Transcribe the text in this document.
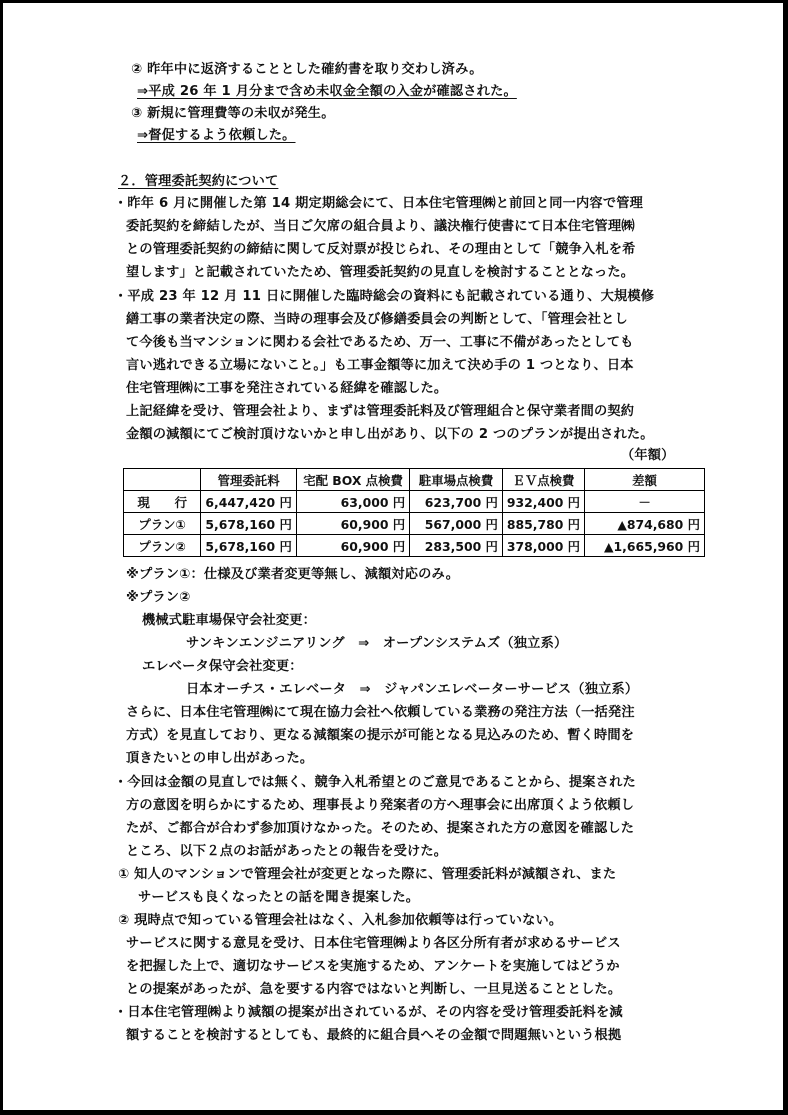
② 昨年中に返済することとした確約書を取り交わし済み。
⇒平成 26 年 1 月分まで含め未収金全額の入金が確認された。
③ 新規に管理費等の未収が発生。
⇒督促するよう依頼した。
２．管理委託契約について
・昨年 6 月に開催した第 14 期定期総会にて、日本住宅管理㈱と前回と同一内容で管理
委託契約を締結したが、当日ご欠席の組合員より、議決権行使書にて日本住宅管理㈱
との管理委託契約の締結に関して反対票が投じられ、その理由として「競争入札を希
望します」と記載されていたため、管理委託契約の見直しを検討することとなった。
・平成 23 年 12 月 11 日に開催した臨時総会の資料にも記載されている通り、大規模修
繕工事の業者決定の際、当時の理事会及び修繕委員会の判断として、「管理会社とし
て今後も当マンションに関わる会社であるため、万一、工事に不備があったとしても
言い逃れできる立場にないこと。」も工事金額等に加えて決め手の 1 つとなり、日本
住宅管理㈱に工事を発注されている経緯を確認した。
上記経緯を受け、管理会社より、まずは管理委託料及び管理組合と保守業者間の契約
金額の減額にてご検討頂けないかと申し出があり、以下の 2 つのプランが提出された。
（年額）
	管理委託料	宅配 BOX 点検費	駐車場点検費	ＥＶ点検費	差額
現　　行	6,447,420 円	63,000 円	623,700 円	932,400 円	－
プラン①	5,678,160 円	60,900 円	567,000 円	885,780 円	▲874,680 円
プラン②	5,678,160 円	60,900 円	283,500 円	378,000 円	▲1,665,960 円
※プラン①：仕様及び業者変更等無し、減額対応のみ。
※プラン②
機械式駐車場保守会社変更：
サンキンエンジニアリング　⇒　オープンシステムズ（独立系）
エレベータ保守会社変更：
日本オーチス・エレベータ　⇒　ジャパンエレベーターサービス（独立系）
さらに、日本住宅管理㈱にて現在協力会社へ依頼している業務の発注方法（一括発注
方式）を見直しており、更なる減額案の提示が可能となる見込みのため、暫く時間を
頂きたいとの申し出があった。
・今回は金額の見直しでは無く、競争入札希望とのご意見であることから、提案された
方の意図を明らかにするため、理事長より発案者の方へ理事会に出席頂くよう依頼し
たが、ご都合が合わず参加頂けなかった。そのため、提案された方の意図を確認した
ところ、以下２点のお話があったとの報告を受けた。
① 知人のマンションで管理会社が変更となった際に、管理委託料が減額され、また
サービスも良くなったとの話を聞き提案した。
② 現時点で知っている管理会社はなく、入札参加依頼等は行っていない。
サービスに関する意見を受け、日本住宅管理㈱より各区分所有者が求めるサービス
を把握した上で、適切なサービスを実施するため、アンケートを実施してはどうか
との提案があったが、急を要する内容ではないと判断し、一旦見送ることとした。
・日本住宅管理㈱より減額の提案が出されているが、その内容を受け管理委託料を減
額することを検討するとしても、最終的に組合員へその金額で問題無いという根拠
